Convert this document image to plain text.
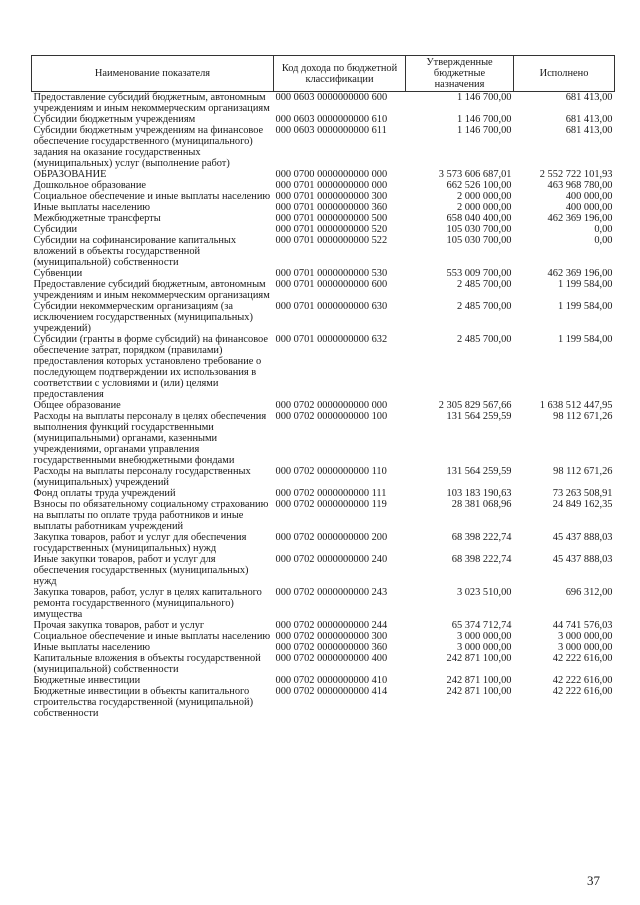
Наименование показателя	Код дохода по бюджетной классификации	Утвержденные бюджетные назначения	Исполнено
Предоставление субсидий бюджетным, автономным учреждениям и иным некоммерческим организациям	000 0603 0000000000 600	1 146 700,00	681 413,00
Субсидии бюджетным учреждениям	000 0603 0000000000 610	1 146 700,00	681 413,00
Субсидии бюджетным учреждениям на финансовое обеспечение государственного (муниципального) задания на оказание государственных (муниципальных) услуг (выполнение работ)	000 0603 0000000000 611	1 146 700,00	681 413,00
ОБРАЗОВАНИЕ	000 0700 0000000000 000	3 573 606 687,01	2 552 722 101,93
Дошкольное образование	000 0701 0000000000 000	662 526 100,00	463 968 780,00
Социальное обеспечение и иные выплаты населению	000 0701 0000000000 300	2 000 000,00	400 000,00
Иные выплаты населению	000 0701 0000000000 360	2 000 000,00	400 000,00
Межбюджетные трансферты	000 0701 0000000000 500	658 040 400,00	462 369 196,00
Субсидии	000 0701 0000000000 520	105 030 700,00	0,00
Субсидии на софинансирование капитальных вложений в объекты государственной (муниципальной) собственности	000 0701 0000000000 522	105 030 700,00	0,00
Субвенции	000 0701 0000000000 530	553 009 700,00	462 369 196,00
Предоставление субсидий бюджетным, автономным учреждениям и иным некоммерческим организациям	000 0701 0000000000 600	2 485 700,00	1 199 584,00
Субсидии некоммерческим организациям (за исключением государственных (муниципальных) учреждений)	000 0701 0000000000 630	2 485 700,00	1 199 584,00
Субсидии (гранты в форме субсидий) на финансовое обеспечение затрат, порядком (правилами) предоставления которых установлено требование о последующем подтверждении их использования в соответствии с условиями и (или) целями предоставления	000 0701 0000000000 632	2 485 700,00	1 199 584,00
Общее образование	000 0702 0000000000 000	2 305 829 567,66	1 638 512 447,95
Расходы на выплаты персоналу в целях обеспечения выполнения функций государственными (муниципальными) органами, казенными учреждениями, органами управления государственными внебюджетными фондами	000 0702 0000000000 100	131 564 259,59	98 112 671,26
Расходы на выплаты персоналу государственных (муниципальных) учреждений	000 0702 0000000000 110	131 564 259,59	98 112 671,26
Фонд оплаты труда учреждений	000 0702 0000000000 111	103 183 190,63	73 263 508,91
Взносы по обязательному социальному страхованию на выплаты по оплате труда работников и иные выплаты работникам учреждений	000 0702 0000000000 119	28 381 068,96	24 849 162,35
Закупка товаров, работ и услуг для обеспечения государственных (муниципальных) нужд	000 0702 0000000000 200	68 398 222,74	45 437 888,03
Иные закупки товаров, работ и услуг для обеспечения государственных (муниципальных) нужд	000 0702 0000000000 240	68 398 222,74	45 437 888,03
Закупка товаров, работ, услуг в целях капитального ремонта государственного (муниципального) имущества	000 0702 0000000000 243	3 023 510,00	696 312,00
Прочая закупка товаров, работ и услуг	000 0702 0000000000 244	65 374 712,74	44 741 576,03
Социальное обеспечение и иные выплаты населению	000 0702 0000000000 300	3 000 000,00	3 000 000,00
Иные выплаты населению	000 0702 0000000000 360	3 000 000,00	3 000 000,00
Капитальные вложения в объекты государственной (муниципальной) собственности	000 0702 0000000000 400	242 871 100,00	42 222 616,00
Бюджетные инвестиции	000 0702 0000000000 410	242 871 100,00	42 222 616,00
Бюджетные инвестиции в объекты капитального строительства государственной (муниципальной) собственности	000 0702 0000000000 414	242 871 100,00	42 222 616,00
37
